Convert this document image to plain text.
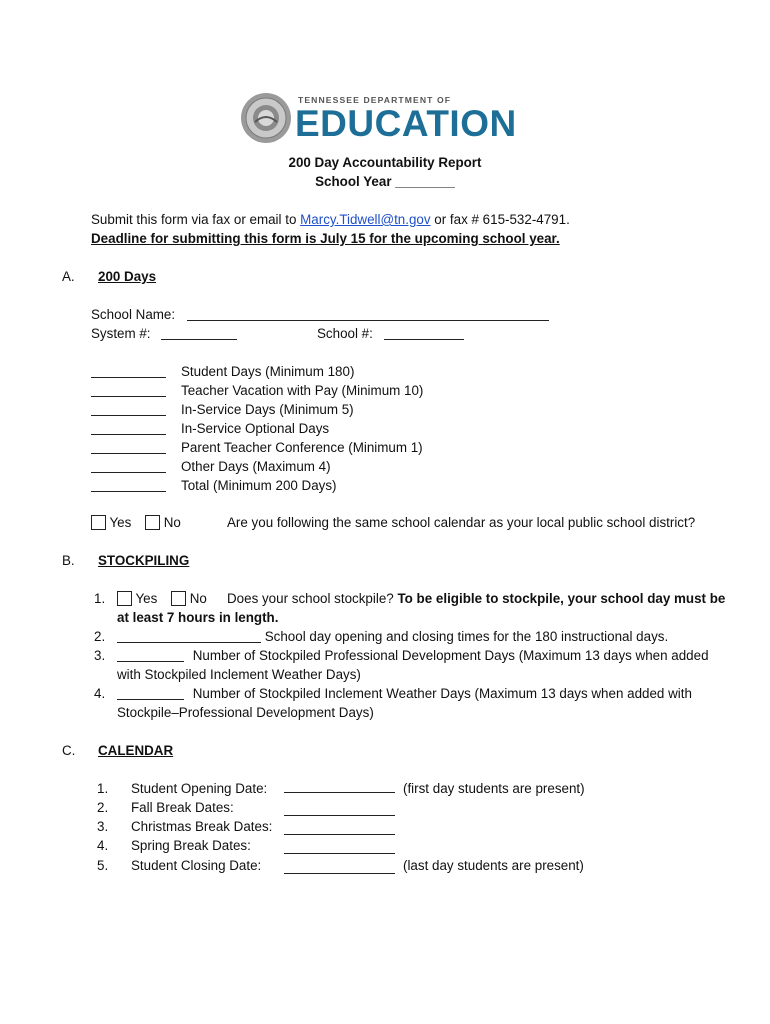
TENNESSEE DEPARTMENT OF
EDUCATION
200 Day Accountability Report
School Year ________
Submit this form via fax or email to Marcy.Tidwell@tn.gov or fax # 615-532-4791.
Deadline for submitting this form is July 15 for the upcoming school year.
A. 200 Days
School Name:
System #:	School #:
Student Days (Minimum 180)
Teacher Vacation with Pay (Minimum 10)
In-Service Days (Minimum 5)
In-Service Optional Days
Parent Teacher Conference (Minimum 1)
Other Days (Maximum 4)
Total (Minimum 200 Days)
Yes	No	Are you following the same school calendar as your local public school district?
B. STOCKPILING
1.	Yes	No Does your school stockpile? To be eligible to stockpile, your school day must be
at least 7 hours in length.
2.	School day opening and closing times for the 180 instructional days.
3.	Number of Stockpiled Professional Development Days (Maximum 13 days when added
with Stockpiled Inclement Weather Days)
4.	Number of Stockpiled Inclement Weather Days (Maximum 13 days when added with
Stockpile–Professional Development Days)
C. CALENDAR
1. Student Opening Date:	(first day students are present)
2. Fall Break Dates:
3. Christmas Break Dates:
4. Spring Break Dates:
5. Student Closing Date:	(last day students are present)
